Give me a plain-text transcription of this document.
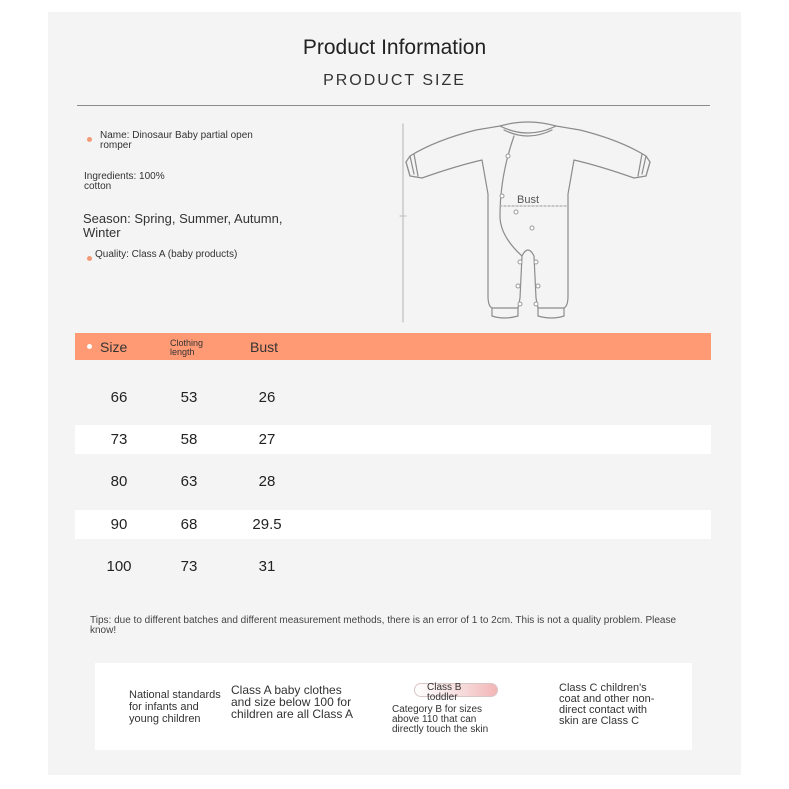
Product Information
PRODUCT SIZE
Name: Dinosaur Baby partial open romper
Ingredients: 100% cotton
Season: Spring, Summer, Autumn, Winter
Quality: Class A (baby products)
Bust
Size	Clothing length	Bust
66	53	26
73	58	27
80	63	28
90	68	29.5
100	73	31
Tips: due to different batches and different measurement methods, there is an error of 1 to 2cm. This is not a quality problem. Please know!
National standards for infants and young children
Class A baby clothes and size below 100 for children are all Class A
Class B toddler
Category B for sizes above 110 that can directly touch the skin
Class C children's coat and other non-direct contact with skin are Class C
